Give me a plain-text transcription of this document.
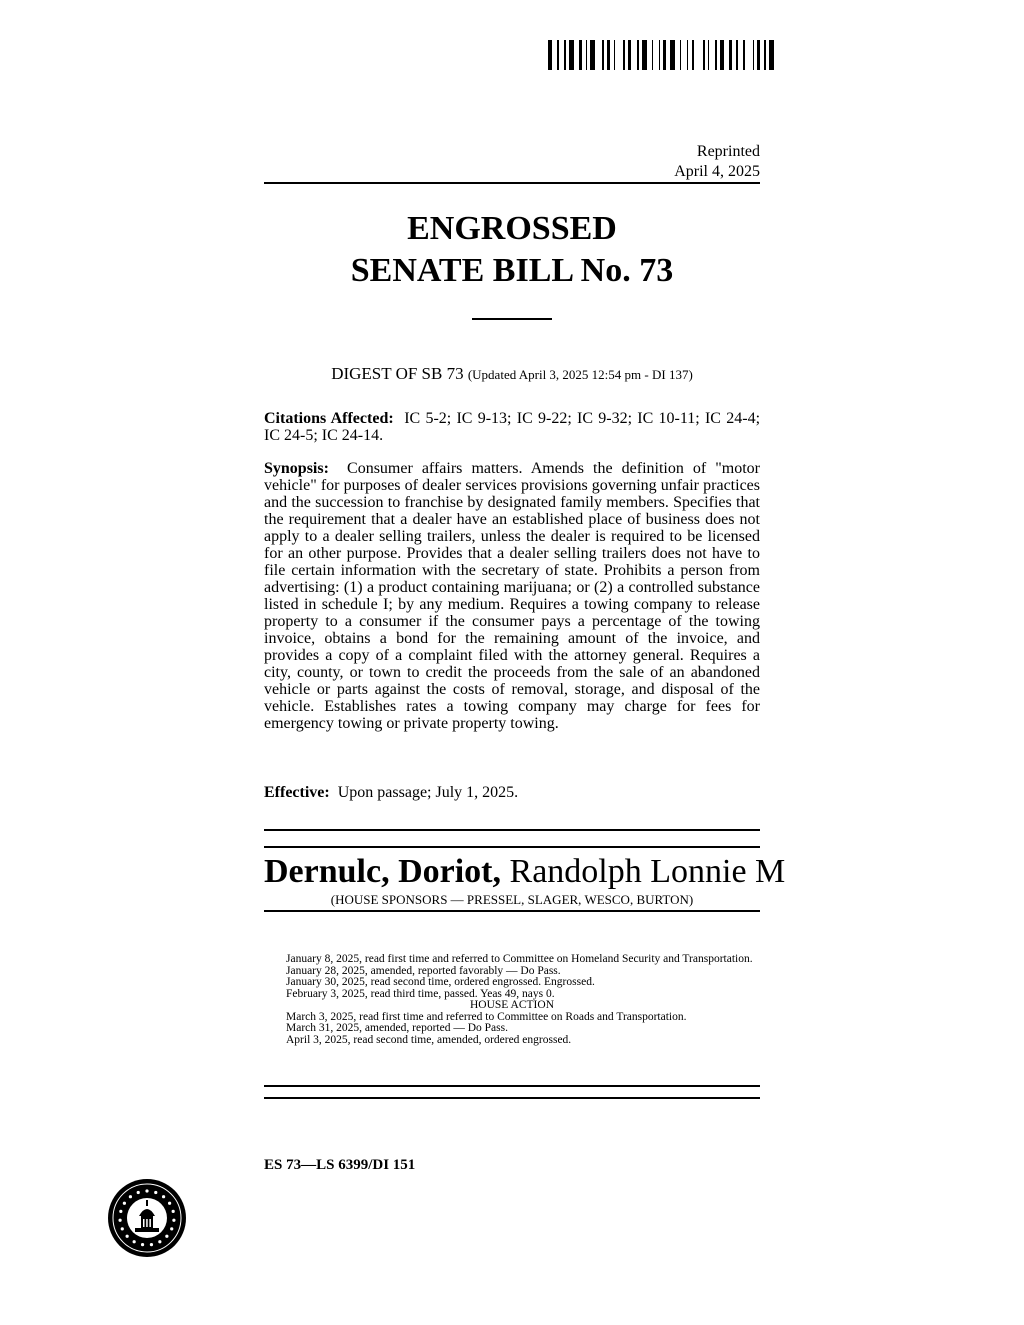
Reprinted
April 4, 2025
ENGROSSED
SENATE BILL No. 73
DIGEST OF SB 73 (Updated April 3, 2025 12:54 pm - DI 137)
Citations Affected: IC 5-2; IC 9-13; IC 9-22; IC 9-32; IC 10-11; IC 24-4; IC 24-5; IC 24-14.
Synopsis: Consumer affairs matters. Amends the definition of "motor vehicle" for purposes of dealer services provisions governing unfair practices and the succession to franchise by designated family members. Specifies that the requirement that a dealer have an established place of business does not apply to a dealer selling trailers, unless the dealer is required to be licensed for an other purpose. Provides that a dealer selling trailers does not have to file certain information with the secretary of state. Prohibits a person from advertising: (1) a product containing marijuana; or (2) a controlled substance listed in schedule I; by any medium. Requires a towing company to release property to a consumer if the consumer pays a percentage of the towing invoice, obtains a bond for the remaining amount of the invoice, and provides a copy of a complaint filed with the attorney general. Requires a city, county, or town to credit the proceeds from the sale of an abandoned vehicle or parts against the costs of removal, storage, and disposal of the vehicle. Establishes rates a towing company may charge for fees for emergency towing or private property towing.
Effective: Upon passage; July 1, 2025.
Dernulc, Doriot, Randolph Lonnie M
(HOUSE SPONSORS — PRESSEL, SLAGER, WESCO, BURTON)
January 8, 2025, read first time and referred to Committee on Homeland Security and Transportation.
January 28, 2025, amended, reported favorably — Do Pass.
January 30, 2025, read second time, ordered engrossed. Engrossed.
February 3, 2025, read third time, passed. Yeas 49, nays 0.
HOUSE ACTION
March 3, 2025, read first time and referred to Committee on Roads and Transportation.
March 31, 2025, amended, reported — Do Pass.
April 3, 2025, read second time, amended, ordered engrossed.
ES 73—LS 6399/DI 151
